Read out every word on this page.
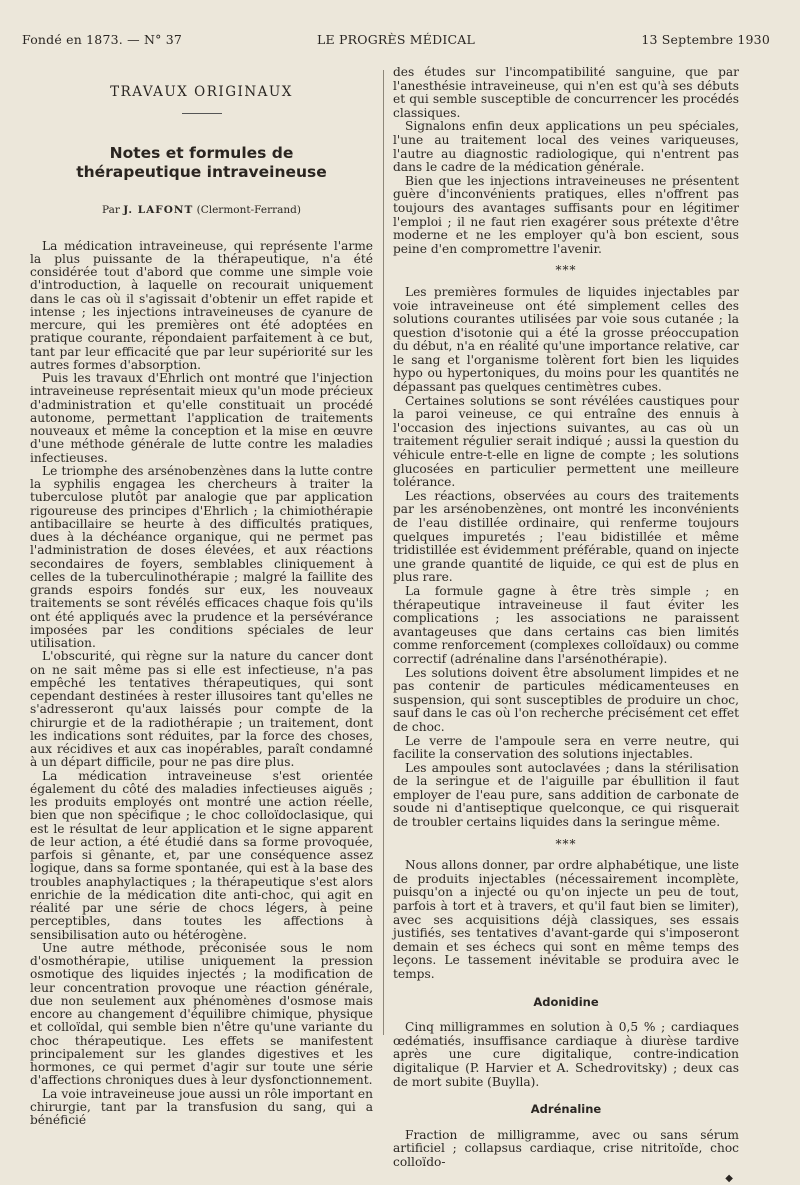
Fondé en 1873. — N° 37	LE PROGRÈS MÉDICAL	13 Septembre 1930
TRAVAUX ORIGINAUX
Notes et formules de thérapeutique intraveineuse
Par J. LAFONT (Clermont-Ferrand)

La médication intraveineuse, qui représente l'arme la plus puissante de la thérapeutique, n'a été considérée tout d'abord que comme une simple voie d'introduction, à laquelle on recourait uniquement dans le cas où il s'agissait d'obtenir un effet rapide et intense ; les injections intraveineuses de cyanure de mercure, qui les premières ont été adoptées en pratique courante, répondaient parfaitement à ce but, tant par leur efficacité que par leur supériorité sur les autres formes d'absorption.

Puis les travaux d'Ehrlich ont montré que l'injection intraveineuse représentait mieux qu'un mode précieux d'administration et qu'elle constituait un procédé autonome, permettant l'application de traitements nouveaux et même la conception et la mise en œuvre d'une méthode générale de lutte contre les maladies infectieuses.

Le triomphe des arsénobenzènes dans la lutte contre la syphilis engagea les chercheurs à traiter la tuberculose plutôt par analogie que par application rigoureuse des principes d'Ehrlich ; la chimiothérapie antibacillaire se heurte à des difficultés pratiques, dues à la déchéance organique, qui ne permet pas l'administration de doses élevées, et aux réactions secondaires de foyers, semblables cliniquement à celles de la tuberculinothérapie ; malgré la faillite des grands espoirs fondés sur eux, les nouveaux traitements se sont révélés efficaces chaque fois qu'ils ont été appliqués avec la prudence et la persévérance imposées par les conditions spéciales de leur utilisation.

L'obscurité, qui règne sur la nature du cancer dont on ne sait même pas si elle est infectieuse, n'a pas empêché les tentatives thérapeutiques, qui sont cependant destinées à rester illusoires tant qu'elles ne s'adresseront qu'aux laissés pour compte de la chirurgie et de la radiothérapie ; un traitement, dont les indications sont réduites, par la force des choses, aux récidives et aux cas inopérables, paraît condamné à un départ difficile, pour ne pas dire plus.

La médication intraveineuse s'est orientée également du côté des maladies infectieuses aiguës ; les produits employés ont montré une action réelle, bien que non spécifique ; le choc colloïdoclasique, qui est le résultat de leur application et le signe apparent de leur action, a été étudié dans sa forme provoquée, parfois si gênante, et, par une conséquence assez logique, dans sa forme spontanée, qui est à la base des troubles anaphylactiques ; la thérapeutique s'est alors enrichie de la médication dite anti-choc, qui agit en réalité par une série de chocs légers, à peine perceptibles, dans toutes les affections à sensibilisation auto ou hétérogène.

Une autre méthode, préconisée sous le nom d'osmothérapie, utilise uniquement la pression osmotique des liquides injectés ; la modification de leur concentration provoque une réaction générale, due non seulement aux phénomènes d'osmose mais encore au changement d'équilibre chimique, physique et colloïdal, qui semble bien n'être qu'une variante du choc thérapeutique. Les effets se manifestent principalement sur les glandes digestives et les hormones, ce qui permet d'agir sur toute une série d'affections chroniques dues à leur dysfonctionnement.

La voie intraveineuse joue aussi un rôle important en chirurgie, tant par la transfusion du sang, qui a bénéficié

des études sur l'incompatibilité sanguine, que par l'anesthésie intraveineuse, qui n'en est qu'à ses débuts et qui semble susceptible de concurrencer les procédés classiques.

Signalons enfin deux applications un peu spéciales, l'une au traitement local des veines variqueuses, l'autre au diagnostic radiologique, qui n'entrent pas dans le cadre de la médication générale.

Bien que les injections intraveineuses ne présentent guère d'inconvénients pratiques, elles n'offrent pas toujours des avantages suffisants pour en légitimer l'emploi ; il ne faut rien exagérer sous prétexte d'être moderne et ne les employer qu'à bon escient, sous peine d'en compromettre l'avenir.

***

Les premières formules de liquides injectables par voie intraveineuse ont été simplement celles des solutions courantes utilisées par voie sous cutanée ; la question d'isotonie qui a été la grosse préoccupation du début, n'a en réalité qu'une importance relative, car le sang et l'organisme tolèrent fort bien les liquides hypo ou hypertoniques, du moins pour les quantités ne dépassant pas quelques centimètres cubes.

Certaines solutions se sont révélées caustiques pour la paroi veineuse, ce qui entraîne des ennuis à l'occasion des injections suivantes, au cas où un traitement régulier serait indiqué ; aussi la question du véhicule entre-t-elle en ligne de compte ; les solutions glucosées en particulier permettent une meilleure tolérance.

Les réactions, observées au cours des traitements par les arsénobenzènes, ont montré les inconvénients de l'eau distillée ordinaire, qui renferme toujours quelques impuretés ; l'eau bidistillée et même tridistillée est évidemment préférable, quand on injecte une grande quantité de liquide, ce qui est de plus en plus rare.

La formule gagne à être très simple ; en thérapeutique intraveineuse il faut éviter les complications ; les associations ne paraissent avantageuses que dans certains cas bien limités comme renforcement (complexes colloïdaux) ou comme correctif (adrénaline dans l'arsénothérapie).

Les solutions doivent être absolument limpides et ne pas contenir de particules médicamenteuses en suspension, qui sont susceptibles de produire un choc, sauf dans le cas où l'on recherche précisément cet effet de choc.

Le verre de l'ampoule sera en verre neutre, qui facilite la conservation des solutions injectables.

Les ampoules sont autoclavées ; dans la stérilisation de la seringue et de l'aiguille par ébullition il faut employer de l'eau pure, sans addition de carbonate de soude ni d'antiseptique quelconque, ce qui risquerait de troubler certains liquides dans la seringue même.

***

Nous allons donner, par ordre alphabétique, une liste de produits injectables (nécessairement incomplète, puisqu'on a injecté ou qu'on injecte un peu de tout, parfois à tort et à travers, et qu'il faut bien se limiter), avec ses acquisitions déjà classiques, ses essais justifiés, ses tentatives d'avant-garde qui s'imposeront demain et ses échecs qui sont en même temps des leçons. Le tassement inévitable se produira avec le temps.

Adonidine

Cinq milligrammes en solution à 0,5 % ; cardiaques œdématiés, insuffisance cardiaque à diurèse tardive après une cure digitalique, contre-indication digitalique (P. Harvier et A. Schedrovitsky) ; deux cas de mort subite (Buylla).

Adrénaline

Fraction de milligramme, avec ou sans sérum artificiel ; collapsus cardiaque, crise nitritoïde, choc colloïdo-

◆
